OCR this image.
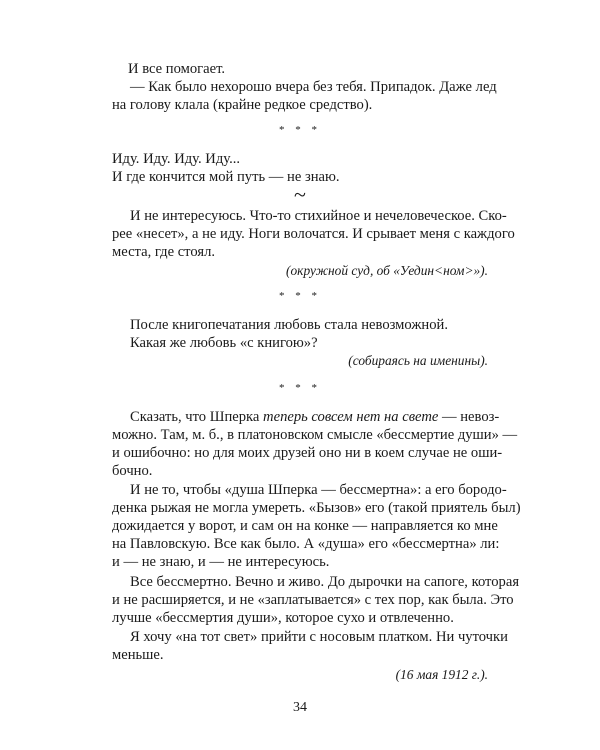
И все помогает.
— Как было нехорошо вчера без тебя. Припадок. Даже лед
на голову клала (крайне редкое средство).
* * *
Иду. Иду. Иду. Иду...
И где кончится мой путь — не знаю.
~
И не интересуюсь. Что-то стихийное и нечеловеческое. Ско-
рее «несет», а не иду. Ноги волочатся. И срывает меня с каждого
места, где стоял.
(окружной суд, об «Уедин<ном>»).
* * *
После книгопечатания любовь стала невозможной.
Какая же любовь «с книгою»?
(собираясь на именины).
* * *
Сказать, что Шперка теперь совсем нет на свете — невоз-
можно. Там, м. б., в платоновском смысле «бессмертие души» —
и ошибочно: но для моих друзей оно ни в коем случае не оши-
бочно.
И не то, чтобы «душа Шперка — бессмертна»: а его бородо-
денка рыжая не могла умереть. «Бызов» его (такой приятель был)
дожидается у ворот, и сам он на конке — направляется ко мне
на Павловскую. Все как было. А «душа» его «бессмертна» ли:
и — не знаю, и — не интересуюсь.
Все бессмертно. Вечно и живо. До дырочки на сапоге, которая
и не расширяется, и не «заплатывается» с тех пор, как была. Это
лучше «бессмертия души», которое сухо и отвлеченно.
Я хочу «на тот свет» прийти с носовым платком. Ни чуточки
меньше.
(16 мая 1912 г.).
34
